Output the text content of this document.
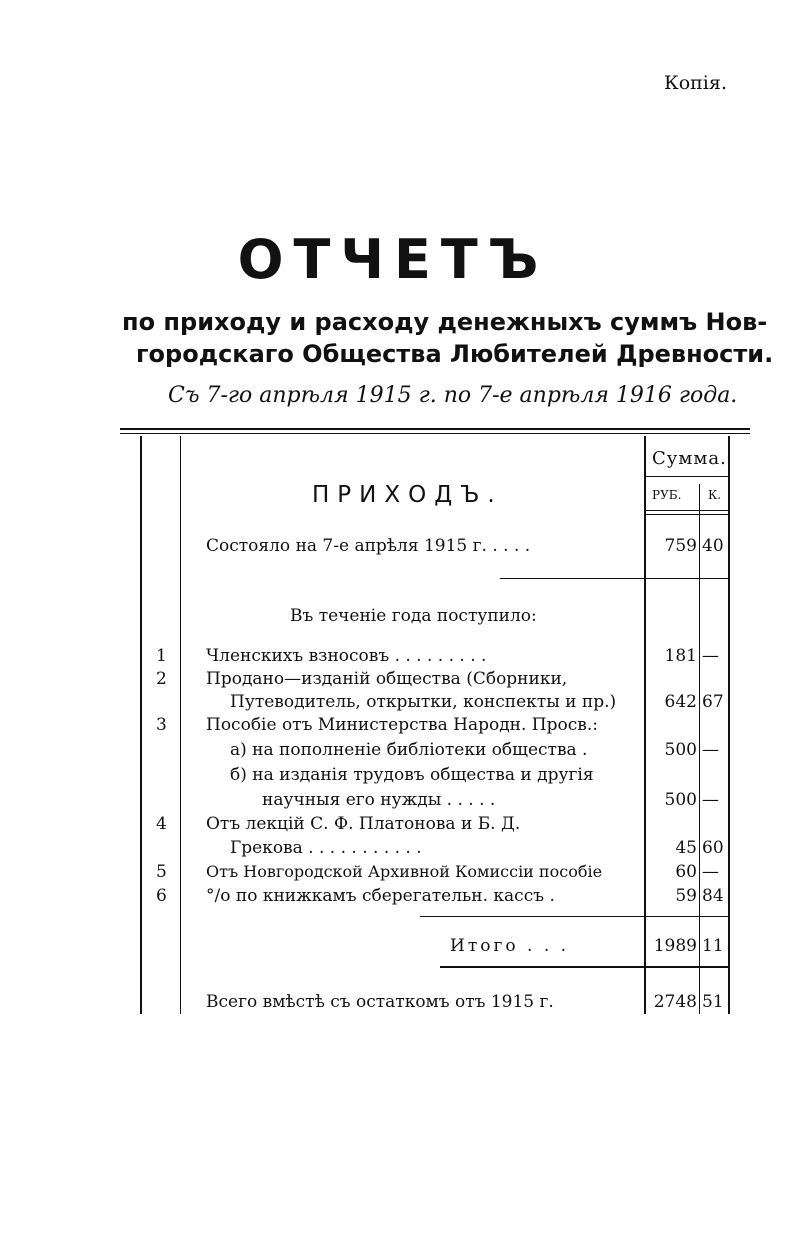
Копія.
ОТЧЕТЪ
по приходу и расходу денежныхъ суммъ Нов-
городскаго Общества Любителей Древности.
Съ 7-го апрѣля 1915 г. по 7-е апрѣля 1916 года.
Сумма.
ПРИХОДЪ.	РУБ. К.
Состояло на 7-е апрѣля 1915 г. . . . .	759 40
Въ теченіе года поступило:
1 Членскихъ взносовъ . . . . . . . . .	181 —
2 Продано—изданій общества (Сборники,
Путеводитель, открытки, конспекты и пр.)	642 67
3 Пособіе отъ Министерства Народн. Просв.:
а) на пополненіе библіотеки общества .	500 —
б) на изданія трудовъ общества и другія
научныя его нужды . . . . .	500 —
4 Отъ лекцій С. Ф. Платонова и Б. Д.
Грекова . . . . . . . . . . .	45 60
5 Отъ Новгородской Архивной Комиссіи пособіе	60 —
6 °/о по книжкамъ сберегательн. кассъ .	59 84
Итого . . .	1989 11
Всего вмѣстѣ съ остаткомъ отъ 1915 г.	2748 51
